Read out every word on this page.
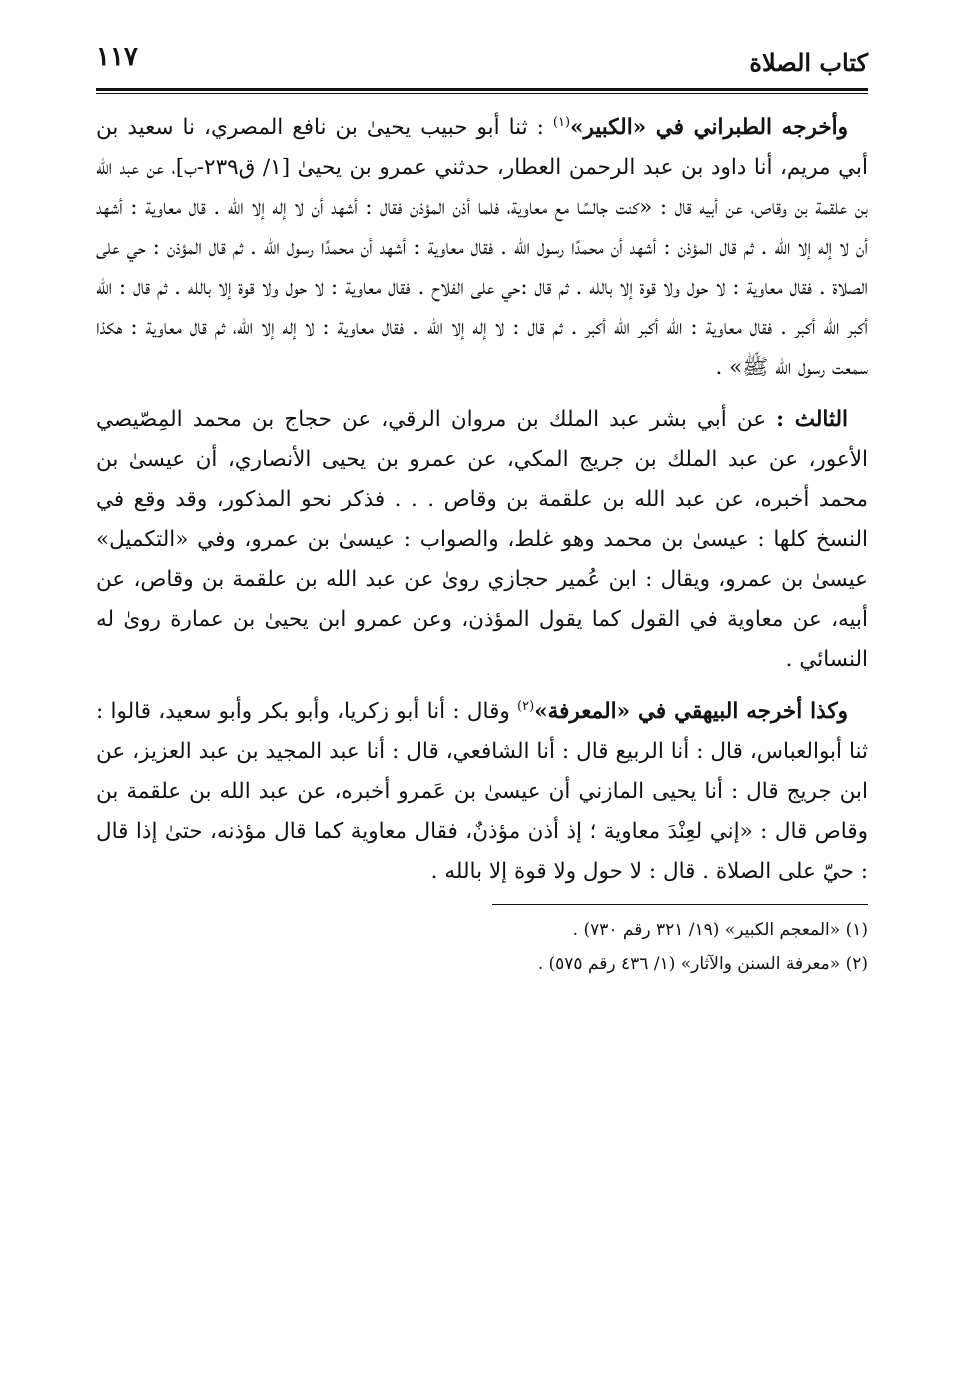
كتاب الصلاة
١١٧

وأخرجه الطبراني في «الكبير»$^{(١)}$ : ثنا أبو حبيب يحيىٰ بن نافع المصري، نا سعيد بن أبي مريم، أنا داود بن عبد الرحمن العطار، حدثني عمرو بن يحيىٰ [١/ ق٢٣٩-ب]، عن عبد الله بن علقمة بن وقاص، عن أبيه قال : «كنت جالسًا مع معاوية، فلما أذن المؤذن فقال : أشهد أن لا إله إلا الله . قال معاوية : أشهد أن لا إله إلا الله . ثم قال المؤذن : أشهد أن محمدًا رسول الله . فقال معاوية : أشهد أن محمدًا رسول الله . ثم قال المؤذن : حي على الصلاة . فقال معاوية : لا حول ولا قوة إلا بالله . ثم قال :حي على الفلاح . فقال معاوية : لا حول ولا قوة إلا بالله . ثم قال : الله أكبر الله أكبر . فقال معاوية : الله أكبر الله أكبر . ثم قال : لا إله إلا الله . فقال معاوية : لا إله إلا الله، ثم قال معاوية : هكذا سمعت رسول الله ﷺ» .

الثالث : عن أبي بشر عبد الملك بن مروان الرقي، عن حجاج بن محمد المِصّيصي الأعور، عن عبد الملك بن جريج المكي، عن عمرو بن يحيى الأنصاري، أن عيسىٰ بن محمد أخبره، عن عبد الله بن علقمة بن وقاص . . . فذكر نحو المذكور، وقد وقع في النسخ كلها : عيسىٰ بن محمد وهو غلط، والصواب : عيسىٰ بن عمرو، وفي «التكميل» عيسىٰ بن عمرو، ويقال : ابن عُمير حجازي روىٰ عن عبد الله بن علقمة بن وقاص، عن أبيه، عن معاوية في القول كما يقول المؤذن، وعن عمرو ابن يحيىٰ بن عمارة روىٰ له النسائي .

وكذا أخرجه البيهقي في «المعرفة»$^{(٢)}$ وقال : أنا أبو زكريا، وأبو بكر وأبو سعيد، قالوا : ثنا أبوالعباس، قال : أنا الربيع قال : أنا الشافعي، قال : أنا عبد المجيد بن عبد العزيز، عن ابن جريج قال : أنا يحيى المازني أن عيسىٰ بن عَمرو أخبره، عن عبد الله بن علقمة بن وقاص قال : «إني لعِنْدَ معاوية ؛ إذ أذن مؤذنٌ، فقال معاوية كما قال مؤذنه، حتىٰ إذا قال : حيّ على الصلاة . قال : لا حول ولا قوة إلا بالله .

(١) «المعجم الكبير» (١٩/ ٣٢١ رقم ٧٣٠) .
(٢) «معرفة السنن والآثار» (١/ ٤٣٦ رقم ٥٧٥) .
